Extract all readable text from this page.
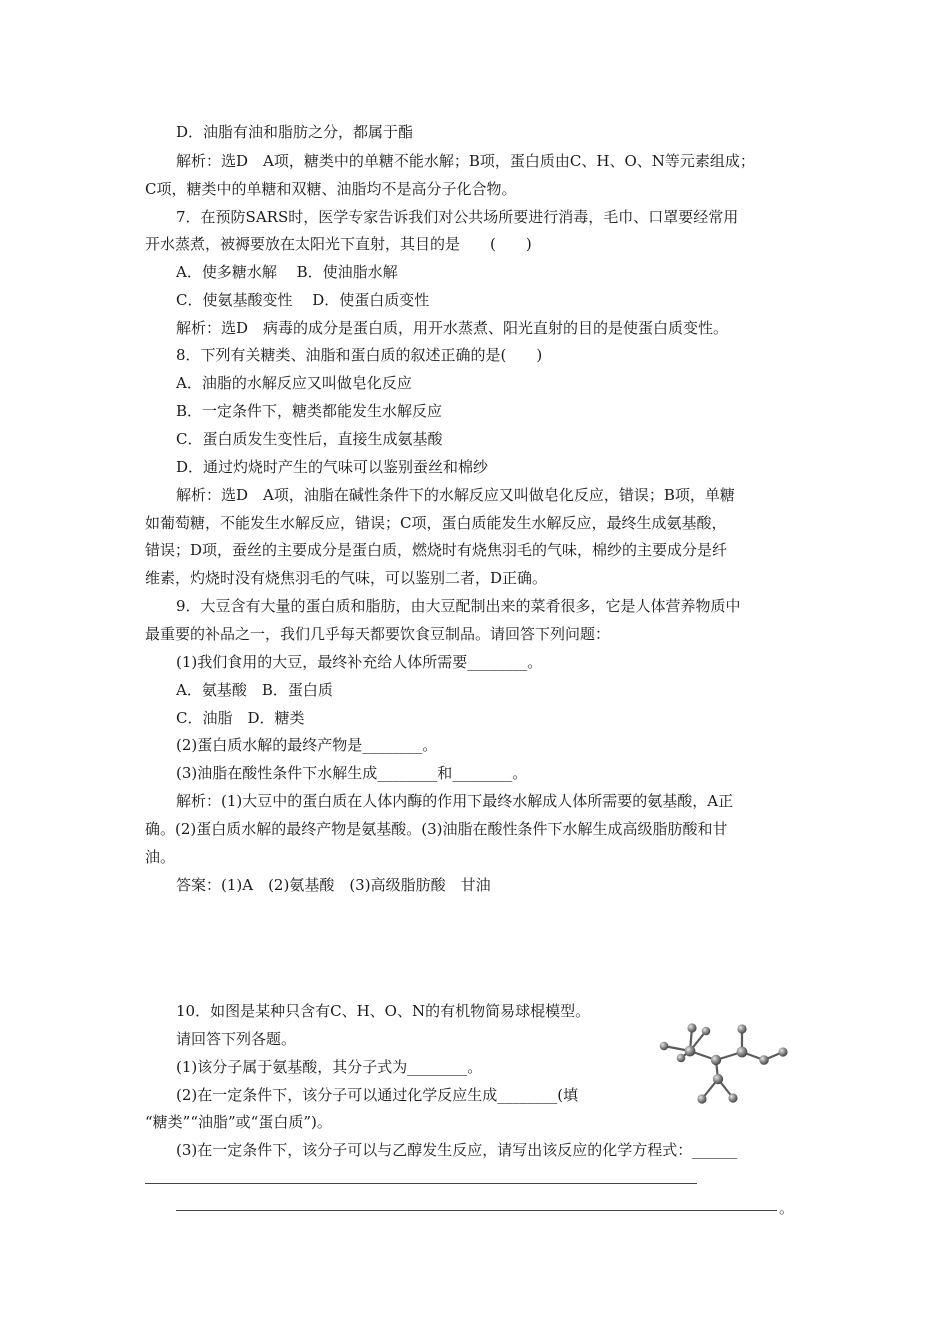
D．油脂有油和脂肪之分，都属于酯
解析：选D　A项，糖类中的单糖不能水解；B项，蛋白质由C、H、O、N等元素组成；
C项，糖类中的单糖和双糖、油脂均不是高分子化合物。
7．在预防SARS时，医学专家告诉我们对公共场所要进行消毒，毛巾、口罩要经常用
开水蒸煮，被褥要放在太阳光下直射，其目的是　　(　　)
A．使多糖水解　 B．使油脂水解
C．使氨基酸变性　 D．使蛋白质变性
解析：选D　病毒的成分是蛋白质，用开水蒸煮、阳光直射的目的是使蛋白质变性。
8．下列有关糖类、油脂和蛋白质的叙述正确的是(　　)
A．油脂的水解反应又叫做皂化反应
B．一定条件下，糖类都能发生水解反应
C．蛋白质发生变性后，直接生成氨基酸
D．通过灼烧时产生的气味可以鉴别蚕丝和棉纱
解析：选D　A项，油脂在碱性条件下的水解反应又叫做皂化反应，错误；B项，单糖
如葡萄糖，不能发生水解反应，错误；C项，蛋白质能发生水解反应，最终生成氨基酸，
错误；D项，蚕丝的主要成分是蛋白质，燃烧时有烧焦羽毛的气味，棉纱的主要成分是纤
维素，灼烧时没有烧焦羽毛的气味，可以鉴别二者，D正确。
9．大豆含有大量的蛋白质和脂肪，由大豆配制出来的菜肴很多，它是人体营养物质中
最重要的补品之一，我们几乎每天都要饮食豆制品。请回答下列问题：
(1)我们食用的大豆，最终补充给人体所需要________。
A．氨基酸　B．蛋白质
C．油脂　D．糖类
(2)蛋白质水解的最终产物是________。
(3)油脂在酸性条件下水解生成________和________。
解析：(1)大豆中的蛋白质在人体内酶的作用下最终水解成人体所需要的氨基酸，A正
确。(2)蛋白质水解的最终产物是氨基酸。(3)油脂在酸性条件下水解生成高级脂肪酸和甘
油。
答案：(1)A　(2)氨基酸　(3)高级脂肪酸　甘油
10．如图是某种只含有C、H、O、N的有机物简易球棍模型。
请回答下列各题。
(1)该分子属于氨基酸，其分子式为________。
(2)在一定条件下，该分子可以通过化学反应生成________(填
“糖类”“油脂”或“蛋白质”)。
(3)在一定条件下，该分子可以与乙醇发生反应，请写出该反应的化学方程式：______
。
